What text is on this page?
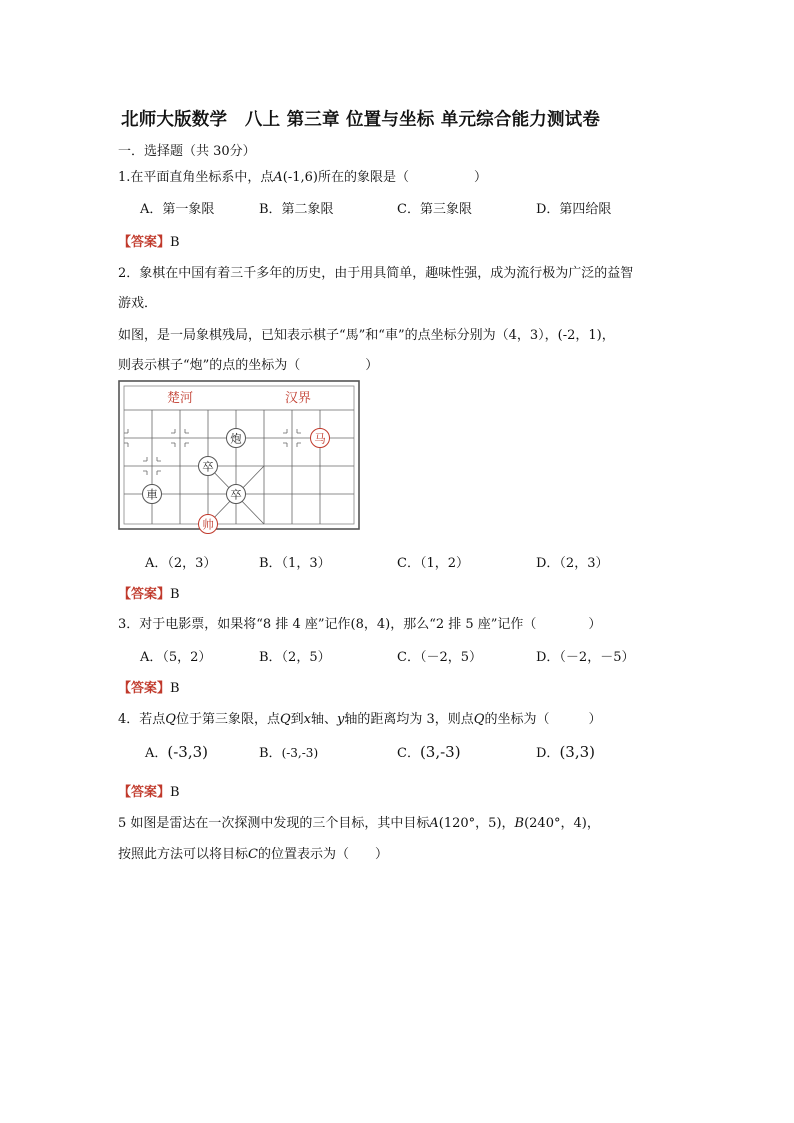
北师大版数学　八上 第三章 位置与坐标 单元综合能力测试卷
一．选择题（共 30分）
1.在平面直角坐标系中，点A(-1,6)所在的象限是（　　　　　）
A．第一象限	B．第二象限	C．第三象限	D．第四给限
【答案】B
2．象棋在中国有着三千多年的历史，由于用具简单，趣味性强，成为流行极为广泛的益智
游戏．
如图，是一局象棋残局，已知表示棋子“馬”和“車”的点坐标分别为（4，3），(-2，1)，
则表示棋子“炮”的点的坐标为（　　　　　）
楚河	汉界
炮	马
卒
卒
車
帅
A．（2，3）	B．（1，3）	C．（1，2）	D．（2，3）
【答案】B
3．对于电影票，如果将“8 排 4 座”记作(8，4)，那么“2 排 5 座”记作（　　　　）
A．（5，2）	B．（2，5）	C．（－2，5）	D．（－2，－5）
【答案】B
4．若点Q位于第三象限，点Q到x轴、y轴的距离均为 3，则点Q的坐标为（　　　）
A．(-3,3)	B．(-3,-3)	C．(3,-3)	D．(3,3)
【答案】B
5 如图是雷达在一次探测中发现的三个目标，其中目标A(120°，5)，B(240°，4)，
按照此方法可以将目标C的位置表示为（　　）
